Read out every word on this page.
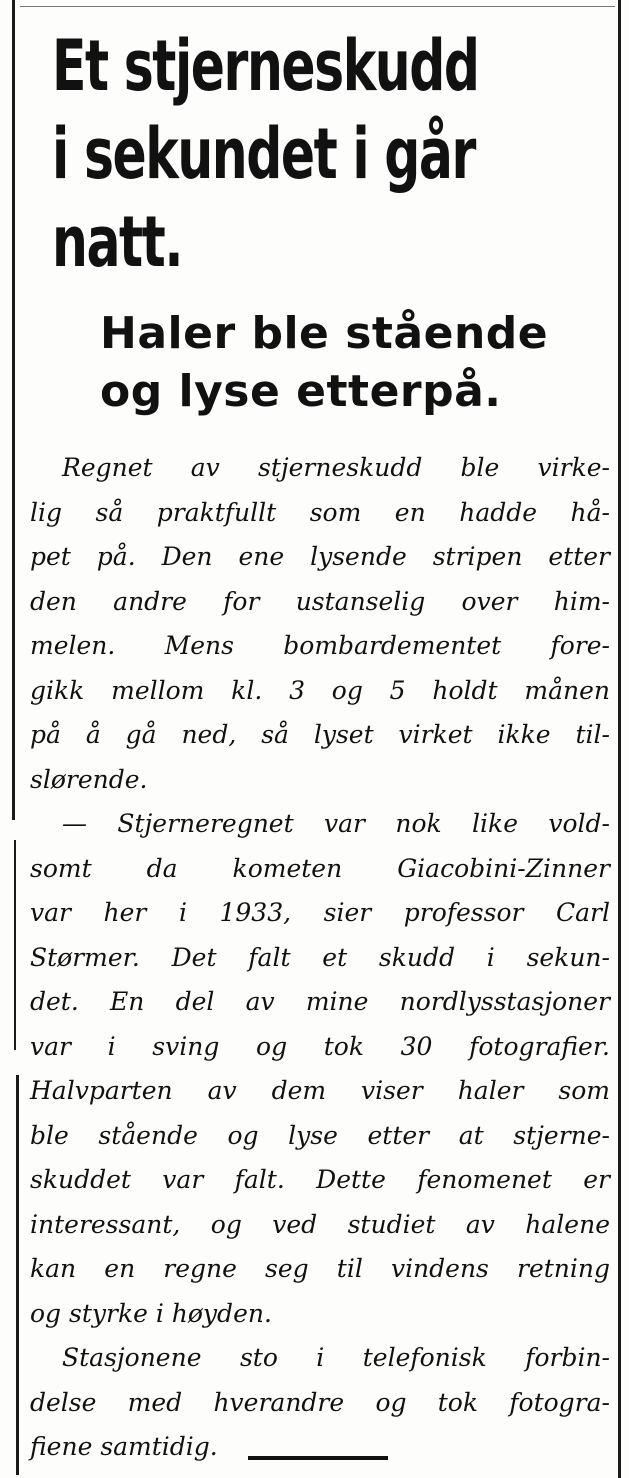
Et stjerneskudd
i sekundet i går
natt.
Haler ble stående
og lyse etterpå.

Regnet av stjerneskudd ble virke-
lig så praktfullt som en hadde hå-
pet på. Den ene lysende stripen etter
den andre for ustanselig over him-
melen. Mens bombardementet fore-
gikk mellom kl. 3 og 5 holdt månen
på å gå ned, så lyset virket ikke til-
slørende.

— Stjerneregnet var nok like vold-
somt da kometen Giacobini-Zinner
var her i 1933, sier professor Carl
Størmer. Det falt et skudd i sekun-
det. En del av mine nordlysstasjoner
var i sving og tok 30 fotografier.
Halvparten av dem viser haler som
ble stående og lyse etter at stjerne-
skuddet var falt. Dette fenomenet er
interessant, og ved studiet av halene
kan en regne seg til vindens retning
og styrke i høyden.

Stasjonene sto i telefonisk forbin-
delse med hverandre og tok fotogra-
fiene samtidig.
